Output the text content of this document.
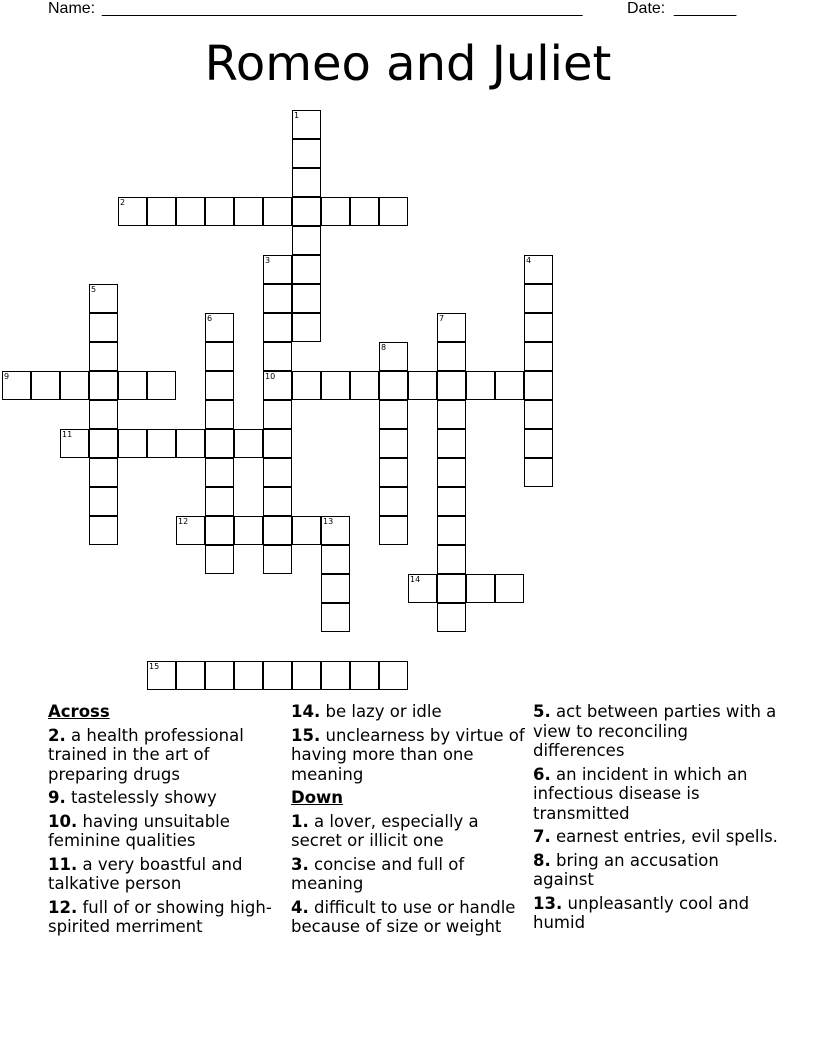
Name: ______________________________________________________	Date: _______
Romeo and Juliet
1
2
3
10
4
5
6	7
8
9
11
12	13
14
15
Across
2. a health professional trained in the art of preparing drugs
9. tastelessly showy
10. having unsuitable feminine qualities
11. a very boastful and talkative person
12. full of or showing high-spirited merriment
14. be lazy or idle
15. unclearness by virtue of having more than one meaning
Down
1. a lover, especially a secret or illicit one
3. concise and full of meaning
4. difficult to use or handle because of size or weight
5. act between parties with a view to reconciling differences
6. an incident in which an infectious disease is transmitted
7. earnest entries, evil spells.
8. bring an accusation against
13. unpleasantly cool and humid
